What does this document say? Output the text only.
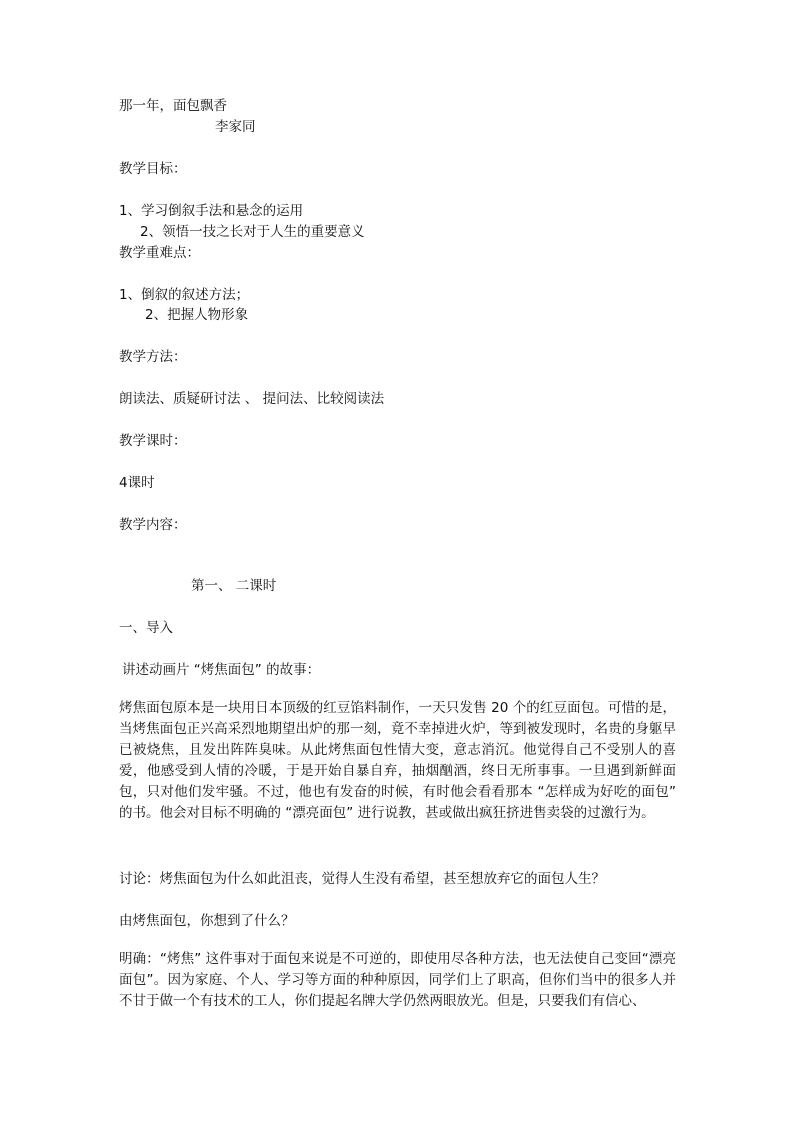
那一年，面包飘香
李家同
教学目标：
1、学习倒叙手法和悬念的运用
2、领悟一技之长对于人生的重要意义
教学重难点：
1、倒叙的叙述方法；
2、把握人物形象
教学方法：
朗读法、质疑研讨法 、 提问法、比较阅读法
教学课时：
4课时
教学内容：
第一、 二课时
一、导入
讲述动画片 “烤焦面包” 的故事：
烤焦面包原本是一块用日本顶级的红豆馅料制作，一天只发售 20 个的红豆面包。可惜的是，当烤焦面包正兴高采烈地期望出炉的那一刻，竟不幸掉进火炉，等到被发现时，名贵的身躯早已被烧焦，且发出阵阵臭味。从此烤焦面包性情大变，意志消沉。他觉得自己不受别人的喜爱，他感受到人情的冷暖，于是开始自暴自弃，抽烟酗酒，终日无所事事。一旦遇到新鲜面包，只对他们发牢骚。不过，他也有发奋的时候，有时他会看看那本 “怎样成为好吃的面包” 的书。他会对目标不明确的 “漂亮面包” 进行说教，甚或做出疯狂挤进售卖袋的过激行为。
讨论：烤焦面包为什么如此沮丧，觉得人生没有希望，甚至想放弃它的面包人生？
由烤焦面包，你想到了什么？
明确：“烤焦” 这件事对于面包来说是不可逆的，即使用尽各种方法，也无法使自己变回“漂亮面包”。因为家庭、个人、学习等方面的种种原因，同学们上了职高，但你们当中的很多人并不甘于做一个有技术的工人，你们提起名牌大学仍然两眼放光。但是，只要我们有信心、
